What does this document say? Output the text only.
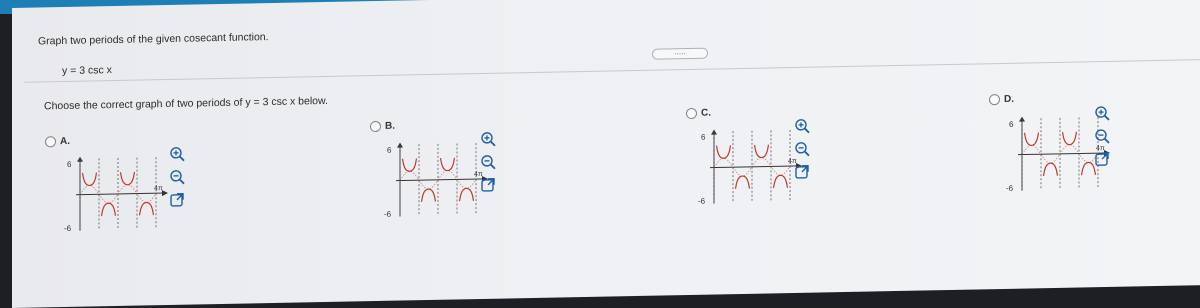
Graph two periods of the given cosecant function.
y = 3 csc x
.....
Choose the correct graph of two periods of y = 3 csc x below.
A.
6
-6
4π
B.
6
-6
4π
C.
6
-6
4π
D.
6
-6
4π
